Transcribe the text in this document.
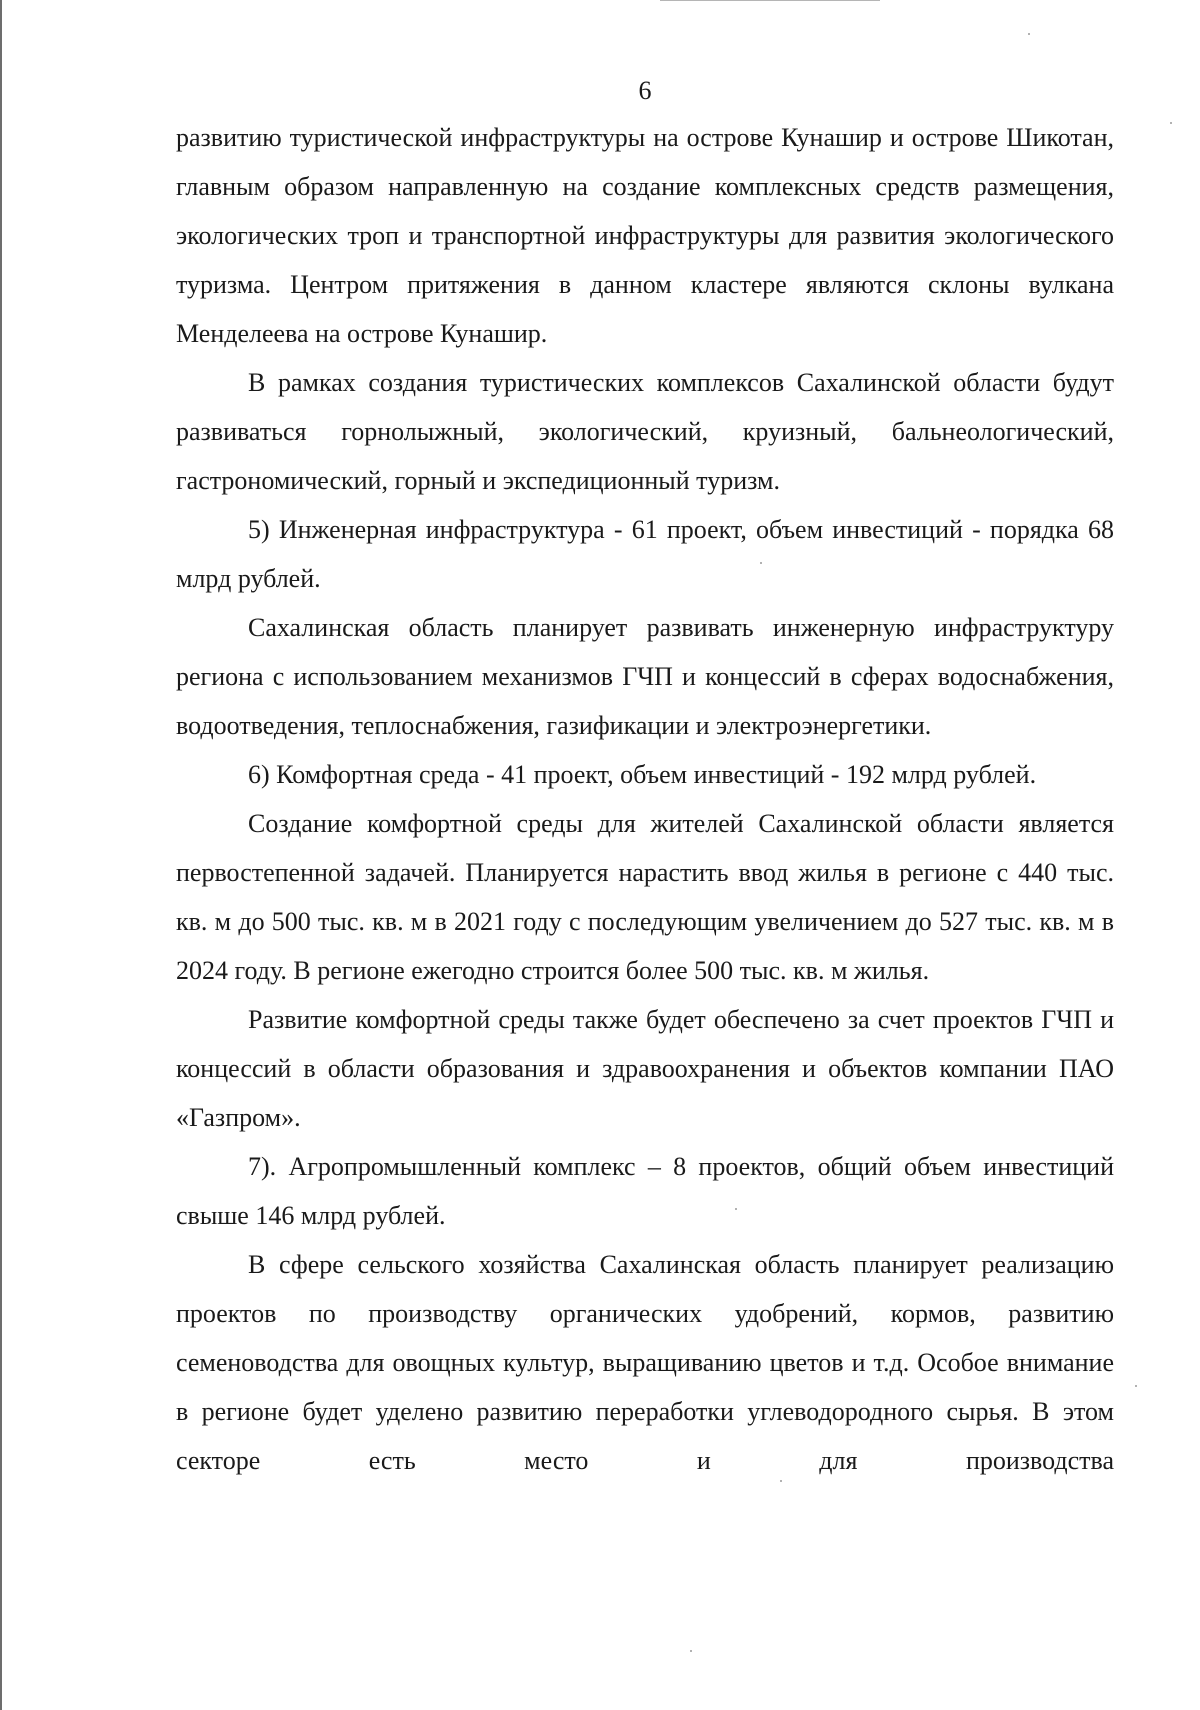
6

развитию туристической инфраструктуры на острове Кунашир и острове Шикотан, главным образом направленную на создание комплексных средств размещения, экологических троп и транспортной инфраструктуры для развития экологического туризма. Центром притяжения в данном кластере являются склоны вулкана Менделеева на острове Кунашир.

В рамках создания туристических комплексов Сахалинской области будут развиваться горнолыжный, экологический, круизный, бальнеологический, гастрономический, горный и экспедиционный туризм.

5) Инженерная инфраструктура - 61 проект, объем инвестиций - порядка 68 млрд рублей.

Сахалинская область планирует развивать инженерную инфраструктуру региона с использованием механизмов ГЧП и концессий в сферах водоснабжения, водоотведения, теплоснабжения, газификации и электроэнергетики.

6) Комфортная среда - 41 проект, объем инвестиций - 192 млрд рублей.

Создание комфортной среды для жителей Сахалинской области является первостепенной задачей. Планируется нарастить ввод жилья в регионе с 440 тыс. кв. м до 500 тыс. кв. м в 2021 году с последующим увеличением до 527 тыс. кв. м в 2024 году. В регионе ежегодно строится более 500 тыс. кв. м жилья.

Развитие комфортной среды также будет обеспечено за счет проектов ГЧП и концессий в области образования и здравоохранения и объектов компании ПАО «Газпром».

7). Агропромышленный комплекс – 8 проектов, общий объем инвестиций свыше 146 млрд рублей.

В сфере сельского хозяйства Сахалинская область планирует реализацию проектов по производству органических удобрений, кормов, развитию семеноводства для овощных культур, выращиванию цветов и т.д. Особое внимание в регионе будет уделено развитию переработки углеводородного сырья. В этом секторе есть место и для производства
